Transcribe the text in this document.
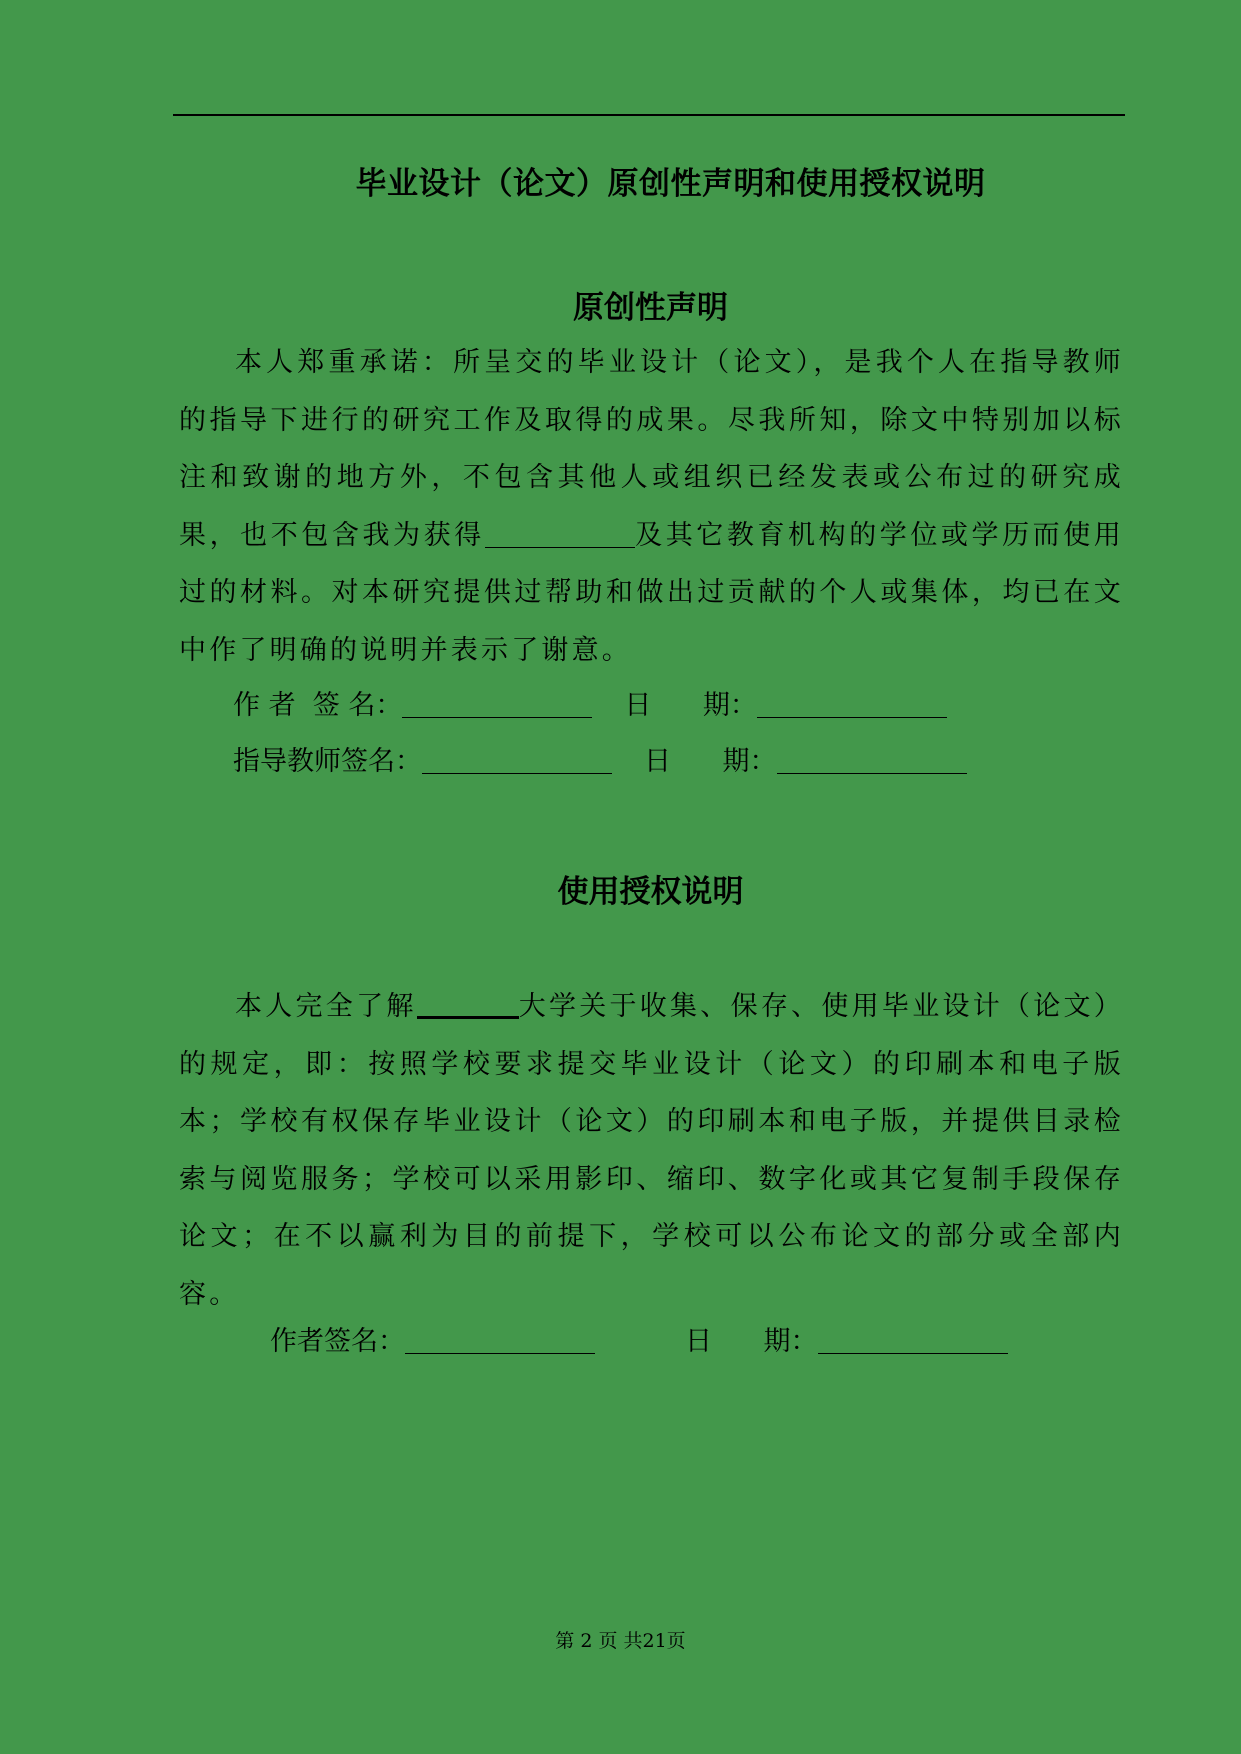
毕业设计（论文）原创性声明和使用授权说明
原创性声明

本人郑重承诺：所呈交的毕业设计（论文），是我个人在指导教师的指导下进行的研究工作及取得的成果。尽我所知，除文中特别加以标注和致谢的地方外，不包含其他人或组织已经发表或公布过的研究成果，也不包含我为获得	及其它教育机构的学位或学历而使用过的材料。对本研究提供过帮助和做出过贡献的个人或集体，均已在文中作了明确的说明并表示了谢意。

作 者  签 名：	日      期：
指导教师签名：	日      期：
使用授权说明

本人完全了解	大学关于收集、保存、使用毕业设计（论文）的规定，即：按照学校要求提交毕业设计（论文）的印刷本和电子版本；学校有权保存毕业设计（论文）的印刷本和电子版，并提供目录检索与阅览服务；学校可以采用影印、缩印、数字化或其它复制手段保存论文；在不以赢利为目的前提下，学校可以公布论文的部分或全部内容。

作者签名：	日      期：
第 2 页 共21页
